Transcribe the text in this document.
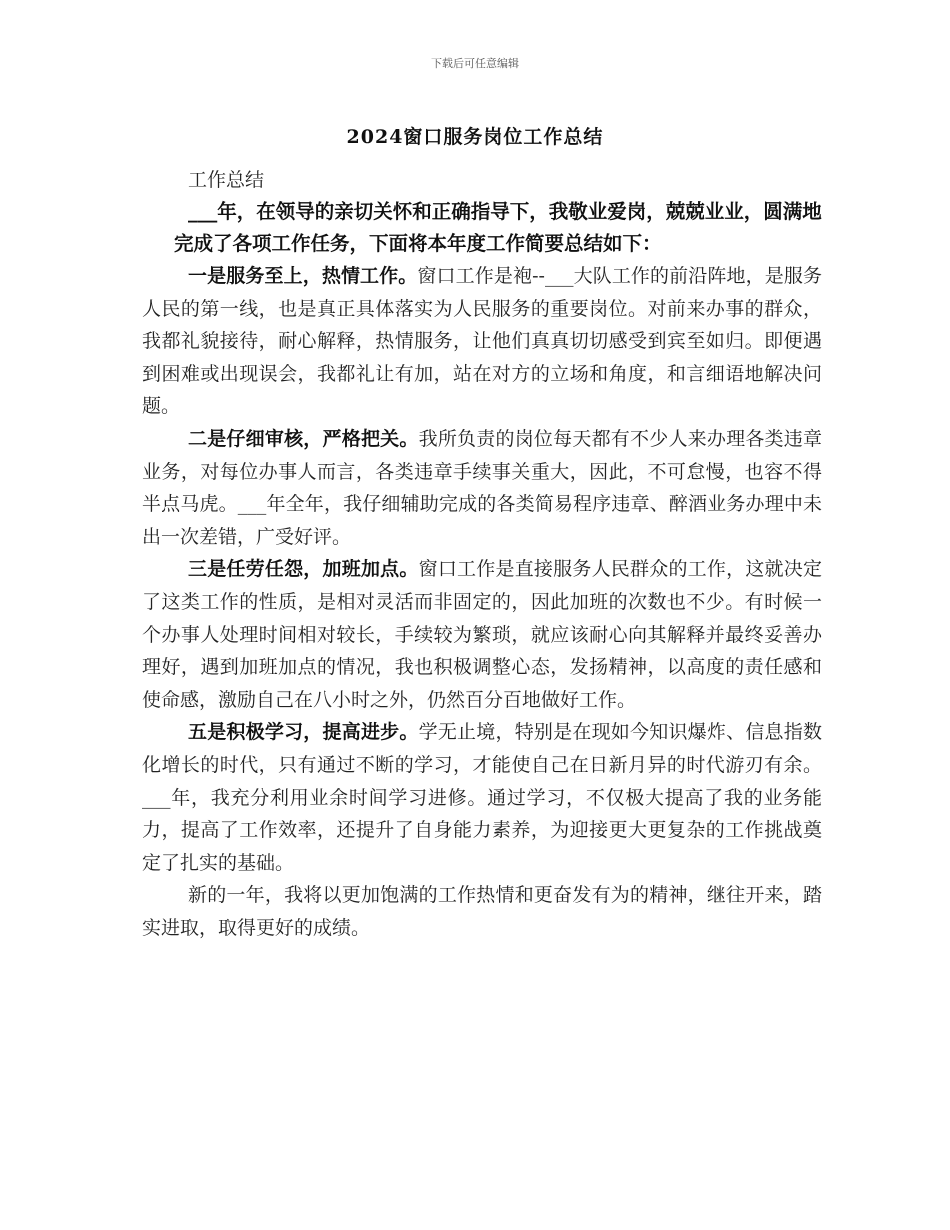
下载后可任意编辑
2024窗口服务岗位工作总结

工作总结

___年，在领导的亲切关怀和正确指导下，我敬业爱岗，兢兢业业，圆满地完成了各项工作任务，下面将本年度工作简要总结如下：

一是服务至上，热情工作。窗口工作是袍--___大队工作的前沿阵地，是服务人民的第一线，也是真正具体落实为人民服务的重要岗位。对前来办事的群众，我都礼貌接待，耐心解释，热情服务，让他们真真切切感受到宾至如归。即便遇到困难或出现误会，我都礼让有加，站在对方的立场和角度，和言细语地解决问题。

二是仔细审核，严格把关。我所负责的岗位每天都有不少人来办理各类违章业务，对每位办事人而言，各类违章手续事关重大，因此，不可怠慢，也容不得半点马虎。___年全年，我仔细辅助完成的各类简易程序违章、醉酒业务办理中未出一次差错，广受好评。

三是任劳任怨，加班加点。窗口工作是直接服务人民群众的工作，这就决定了这类工作的性质，是相对灵活而非固定的，因此加班的次数也不少。有时候一个办事人处理时间相对较长，手续较为繁琐，就应该耐心向其解释并最终妥善办理好，遇到加班加点的情况，我也积极调整心态，发扬精神，以高度的责任感和使命感，激励自己在八小时之外，仍然百分百地做好工作。

五是积极学习，提高进步。学无止境，特别是在现如今知识爆炸、信息指数化增长的时代，只有通过不断的学习，才能使自己在日新月异的时代游刃有余。___年，我充分利用业余时间学习进修。通过学习，不仅极大提高了我的业务能力，提高了工作效率，还提升了自身能力素养，为迎接更大更复杂的工作挑战奠定了扎实的基础。

新的一年，我将以更加饱满的工作热情和更奋发有为的精神，继往开来，踏实进取，取得更好的成绩。
